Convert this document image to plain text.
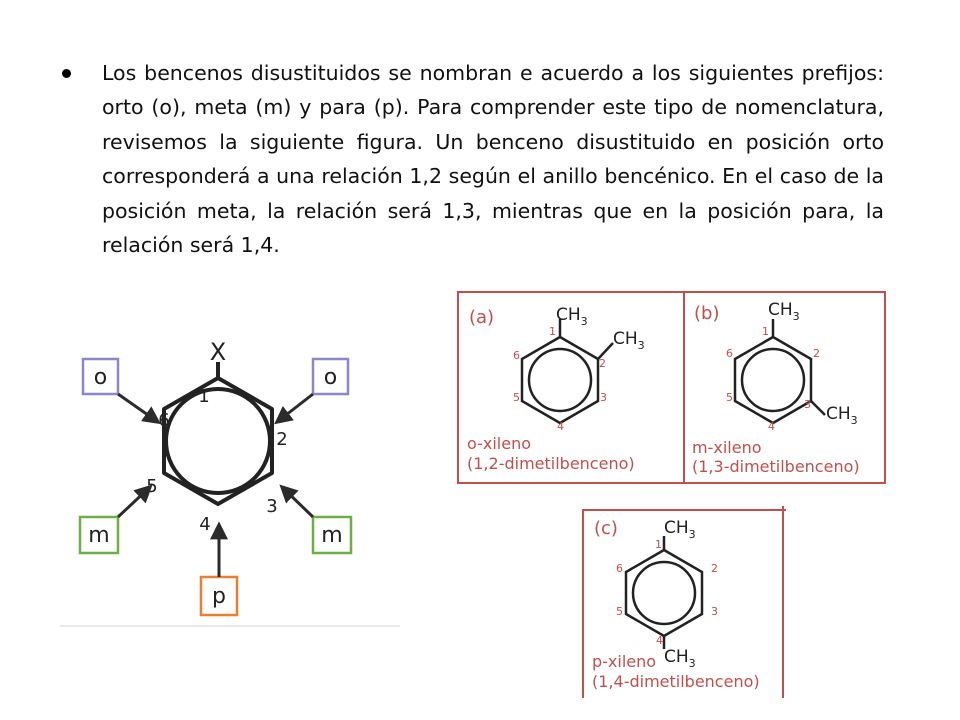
Los bencenos disustituidos se nombran e acuerdo a los siguientes prefijos: orto (o), meta (m) y para (p). Para comprender este tipo de nomenclatura, revisemos la siguiente figura. Un benceno disustituido en posición orto corresponderá a una relación 1,2 según el anillo bencénico. En el caso de la posición meta, la relación será 1,3, mientras que en la posición para, la relación será 1,4.
X
1
2
3
4
5
6
o	o
m	m
p
(a)	$CH_3$
$CH_3$
1
2
3
4
5
6
o-xileno
(1,2-dimetilbenceno)
(b)	$CH_3$
$CH_3$
1
2
3
4
5
6
m-xileno
(1,3-dimetilbenceno)
(c)	$CH_3$
$CH_3$
1
2
3
4
5
6
p-xileno
(1,4-dimetilbenceno)
